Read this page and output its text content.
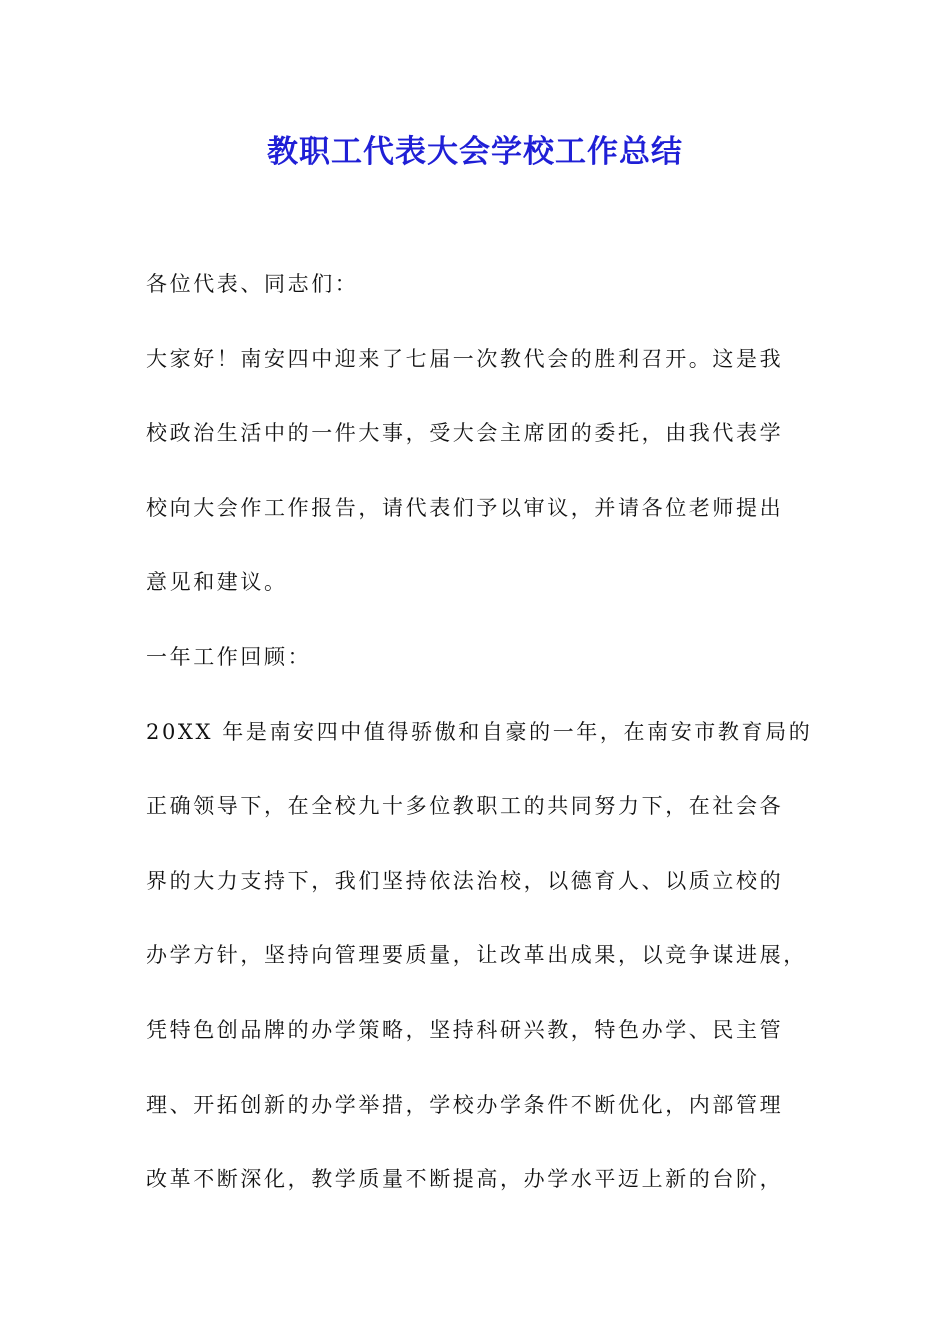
教职工代表大会学校工作总结
各位代表、同志们：
大家好！南安四中迎来了七届一次教代会的胜利召开。这是我
校政治生活中的一件大事，受大会主席团的委托，由我代表学
校向大会作工作报告，请代表们予以审议，并请各位老师提出
意见和建议。
一年工作回顾：
20XX 年是南安四中值得骄傲和自豪的一年，在南安市教育局的
正确领导下，在全校九十多位教职工的共同努力下，在社会各
界的大力支持下，我们坚持依法治校，以德育人、以质立校的
办学方针，坚持向管理要质量，让改革出成果，以竞争谋进展，
凭特色创品牌的办学策略，坚持科研兴教，特色办学、民主管
理、开拓创新的办学举措，学校办学条件不断优化，内部管理
改革不断深化，教学质量不断提高，办学水平迈上新的台阶，
